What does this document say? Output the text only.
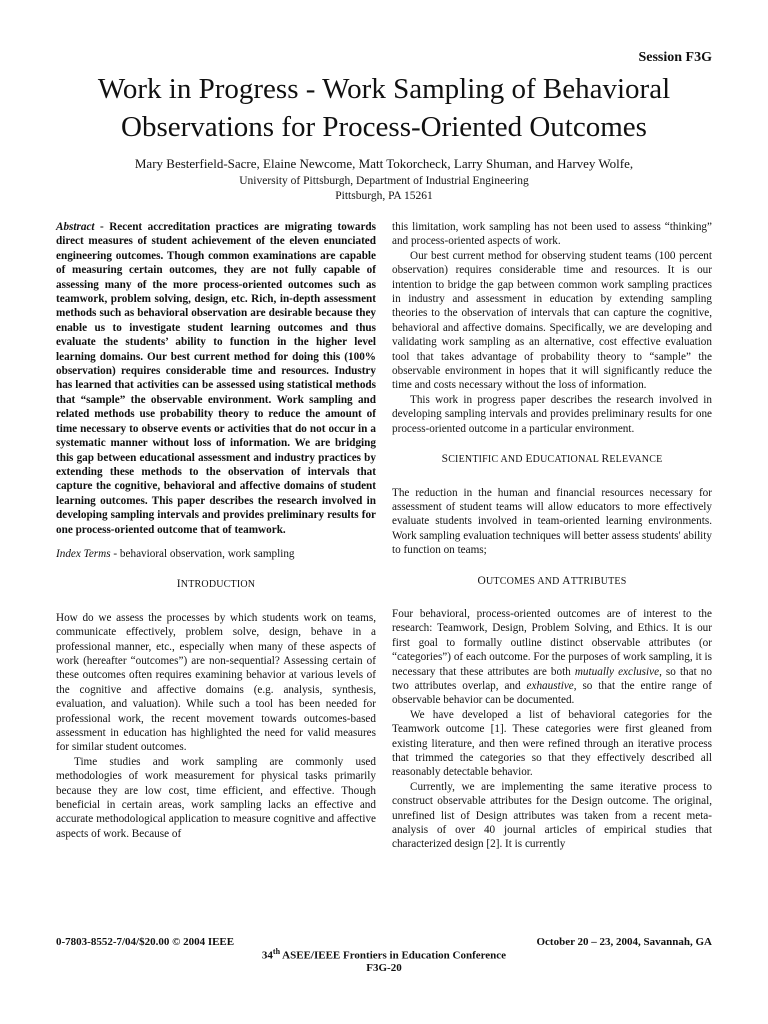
Session F3G
Work in Progress - Work Sampling of Behavioral
Observations for Process-Oriented Outcomes
Mary Besterfield-Sacre, Elaine Newcome, Matt Tokorcheck, Larry Shuman, and Harvey Wolfe,
University of Pittsburgh, Department of Industrial Engineering
Pittsburgh, PA 15261

Abstract - Recent accreditation practices are migrating towards direct measures of student achievement of the eleven enunciated engineering outcomes. Though common examinations are capable of measuring certain outcomes, they are not fully capable of assessing many of the more process-oriented outcomes such as teamwork, problem solving, design, etc. Rich, in-depth assessment methods such as behavioral observation are desirable because they enable us to investigate student learning outcomes and thus evaluate the students’ ability to function in the higher level learning domains. Our best current method for doing this (100% observation) requires considerable time and resources. Industry has learned that activities can be assessed using statistical methods that “sample” the observable environment. Work sampling and related methods use probability theory to reduce the amount of time necessary to observe events or activities that do not occur in a systematic manner without loss of information. We are bridging this gap between educational assessment and industry practices by extending these methods to the observation of intervals that capture the cognitive, behavioral and affective domains of student learning outcomes. This paper describes the research involved in developing sampling intervals and provides preliminary results for one process-oriented outcome that of teamwork.

Index Terms - behavioral observation, work sampling

INTRODUCTION

How do we assess the processes by which students work on teams, communicate effectively, problem solve, design, behave in a professional manner, etc., especially when many of these aspects of work (hereafter “outcomes”) are non-sequential? Assessing certain of these outcomes often requires examining behavior at various levels of the cognitive and affective domains (e.g. analysis, synthesis, evaluation, and valuation). While such a tool has been needed for professional work, the recent movement towards outcomes-based assessment in education has highlighted the need for valid measures for similar student outcomes.

Time studies and work sampling are commonly used methodologies of work measurement for physical tasks primarily because they are low cost, time efficient, and effective. Though beneficial in certain areas, work sampling lacks an effective and accurate methodological application to measure cognitive and affective aspects of work. Because of

this limitation, work sampling has not been used to assess “thinking” and process-oriented aspects of work.

Our best current method for observing student teams (100 percent observation) requires considerable time and resources. It is our intention to bridge the gap between common work sampling practices in industry and assessment in education by extending sampling theories to the observation of intervals that can capture the cognitive, behavioral and affective domains. Specifically, we are developing and validating work sampling as an alternative, cost effective evaluation tool that takes advantage of probability theory to “sample” the observable environment in hopes that it will significantly reduce the time and costs necessary without the loss of information.

This work in progress paper describes the research involved in developing sampling intervals and provides preliminary results for one process-oriented outcome in a particular environment.

SCIENTIFIC AND EDUCATIONAL RELEVANCE

The reduction in the human and financial resources necessary for assessment of student teams will allow educators to more effectively evaluate students involved in team-oriented learning environments. Work sampling evaluation techniques will better assess students' ability to function on teams;

OUTCOMES AND ATTRIBUTES

Four behavioral, process-oriented outcomes are of interest to the research: Teamwork, Design, Problem Solving, and Ethics. It is our first goal to formally outline distinct observable attributes (or “categories”) of each outcome. For the purposes of work sampling, it is necessary that these attributes are both mutually exclusive, so that no two attributes overlap, and exhaustive, so that the entire range of observable behavior can be documented.

We have developed a list of behavioral categories for the Teamwork outcome [1]. These categories were first gleaned from existing literature, and then were refined through an iterative process that trimmed the categories so that they effectively described all reasonably detectable behavior.

Currently, we are implementing the same iterative process to construct observable attributes for the Design outcome. The original, unrefined list of Design attributes was taken from a recent meta-analysis of over 40 journal articles of empirical studies that characterized design [2]. It is currently

0-7803-8552-7/04/$20.00 © 2004 IEEE	October 20 – 23, 2004, Savannah, GA
34th ASEE/IEEE Frontiers in Education Conference
F3G-20
